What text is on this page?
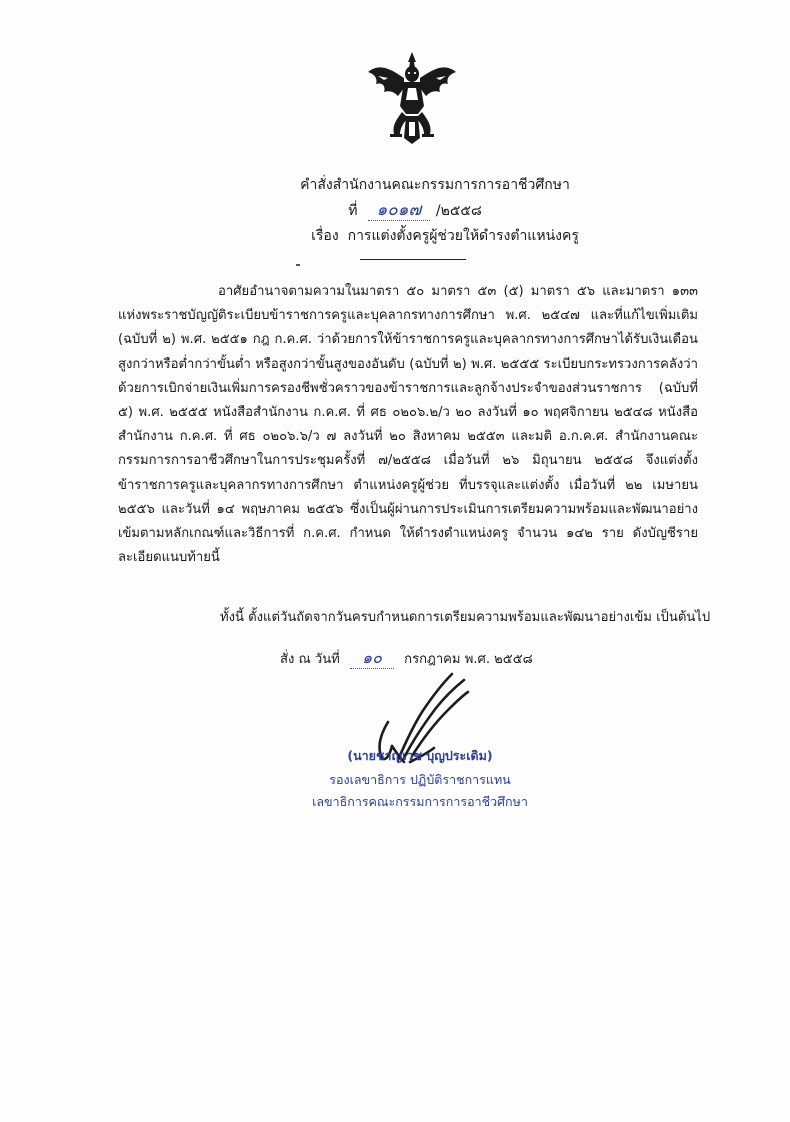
คำสั่งสำนักงานคณะกรรมการการอาชีวศึกษา
ที่ ๑๐๑๗ /๒๕๕๘
เรื่อง การแต่งตั้งครูผู้ช่วยให้ดำรงตำแหน่งครู

อาศัยอำนาจตามความในมาตรา ๕๐ มาตรา ๕๓ (๕) มาตรา ๕๖ และมาตรา ๑๓๓ แห่งพระราชบัญญัติระเบียบข้าราชการครูและบุคลากรทางการศึกษา พ.ศ. ๒๕๔๗ และที่แก้ไขเพิ่มเติม (ฉบับที่ ๒) พ.ศ. ๒๕๕๑ กฎ ก.ค.ศ. ว่าด้วยการให้ข้าราชการครูและบุคลากรทางการศึกษาได้รับเงินเดือนสูงกว่าหรือต่ำกว่าขั้นต่ำ หรือสูงกว่าขั้นสูงของอันดับ (ฉบับที่ ๒) พ.ศ. ๒๕๕๕ ระเบียบกระทรวงการคลังว่าด้วยการเบิกจ่ายเงินเพิ่มการครองชีพชั่วคราวของข้าราชการและลูกจ้างประจำของส่วนราชการ (ฉบับที่ ๕) พ.ศ. ๒๕๕๕ หนังสือสำนักงาน ก.ค.ศ. ที่ ศธ ๐๒๐๖.๒/ว ๒๐ ลงวันที่ ๑๐ พฤศจิกายน ๒๕๔๘ หนังสือสำนักงาน ก.ค.ศ. ที่ ศธ ๐๒๐๖.๖/ว ๗ ลงวันที่ ๒๐ สิงหาคม ๒๕๕๓ และมติ อ.ก.ค.ศ. สำนักงานคณะกรรมการการอาชีวศึกษาในการประชุมครั้งที่ ๗/๒๕๕๘ เมื่อวันที่ ๒๖ มิถุนายน ๒๕๕๘ จึงแต่งตั้งข้าราชการครูและบุคลากรทางการศึกษา ตำแหน่งครูผู้ช่วย ที่บรรจุและแต่งตั้ง เมื่อวันที่ ๒๒ เมษายน ๒๕๕๖ และวันที่ ๑๔ พฤษภาคม ๒๕๕๖ ซึ่งเป็นผู้ผ่านการประเมินการเตรียมความพร้อมและพัฒนาอย่างเข้มตามหลักเกณฑ์และวิธีการที่ ก.ค.ศ. กำหนด ให้ดำรงตำแหน่งครู จำนวน ๑๔๒ ราย ดังบัญชีรายละเอียดแนบท้ายนี้

ทั้งนี้ ตั้งแต่วันถัดจากวันครบกำหนดการเตรียมความพร้อมและพัฒนาอย่างเข้ม เป็นต้นไป
สั่ง ณ วันที่ ๑๐ กรกฎาคม พ.ศ. ๒๕๕๘
(นายชาญเวช บุญประเดิม)
รองเลขาธิการ ปฏิบัติราชการแทน
เลขาธิการคณะกรรมการการอาชีวศึกษา
